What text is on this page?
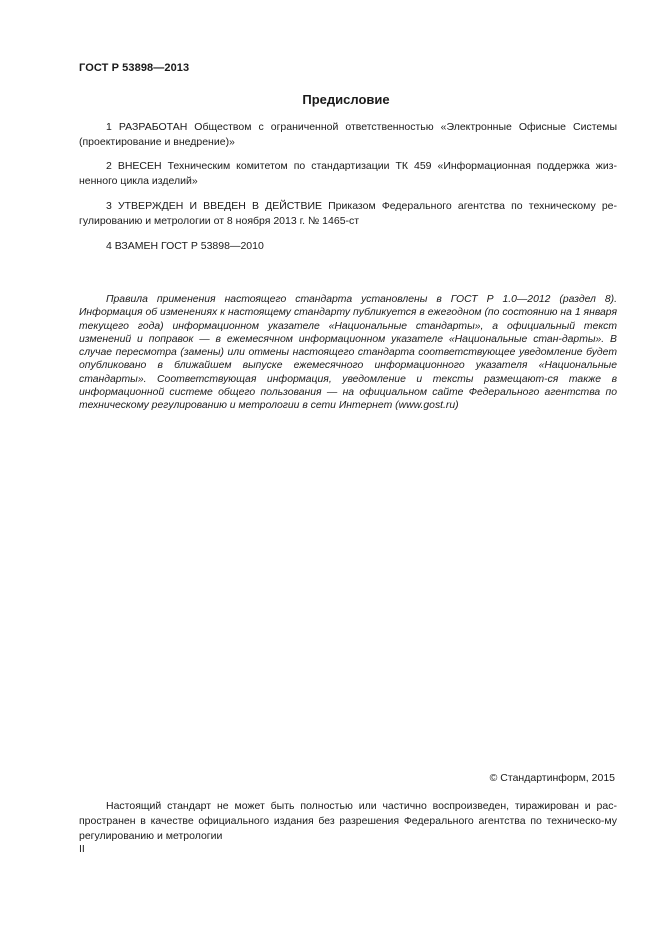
ГОСТ Р 53898—2013
Предисловие
1 РАЗРАБОТАН Обществом с ограниченной ответственностью «Электронные Офисные Системы (проектирование и внедрение)»
2 ВНЕСЕН Техническим комитетом по стандартизации ТК 459 «Информационная поддержка жиз-ненного цикла изделий»
3 УТВЕРЖДЕН И ВВЕДЕН В ДЕЙСТВИЕ Приказом Федерального агентства по техническому ре-гулированию и метрологии от 8 ноября 2013 г. № 1465-ст
4 ВЗАМЕН ГОСТ Р 53898—2010
Правила применения настоящего стандарта установлены в ГОСТ Р 1.0—2012 (раздел 8). Информация об изменениях к настоящему стандарту публикуется в ежегодном (по состоянию на 1 января текущего года) информационном указателе «Национальные стандарты», а официальный текст изменений и поправок — в ежемесячном информационном указателе «Национальные стан-дарты». В случае пересмотра (замены) или отмены настоящего стандарта соответствующее уведомление будет опубликовано в ближайшем выпуске ежемесячного информационного указателя «Национальные стандарты». Соответствующая информация, уведомление и тексты размещают-ся также в информационной системе общего пользования — на официальном сайте Федерального агентства по техническому регулированию и метрологии в сети Интернет (www.gost.ru)
© Стандартинформ, 2015
Настоящий стандарт не может быть полностью или частично воспроизведен, тиражирован и рас-пространен в качестве официального издания без разрешения Федерального агентства по техническо-му регулированию и метрологии
II
